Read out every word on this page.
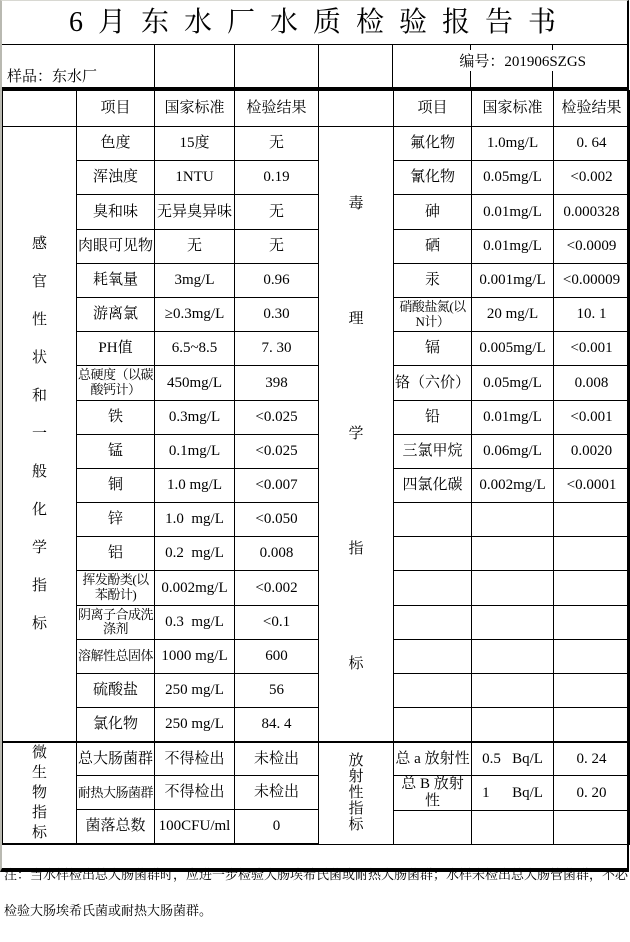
6 月 东 水 厂 水 质 检 验 报 告 书
样品：东水厂
编号：201906SZGS
	项目	国家标准	检验结果

感
官
性
状
和
一
般
化
学
指
标
	色度	15度	无
	浑浊度	1NTU	0.19
	臭和味	无异臭异味	无
	肉眼可见物	无	无
	耗氧量	3mg/L	0.96
	游离氯	≥0.3mg/L	0.30
	PH值	6.5~8.5	7. 30
	总硬度（以碳酸钙计）	450mg/L	398
	铁	0.3mg/L	<0.025
	锰	0.1mg/L	<0.025
	铜	1.0 mg/L	<0.007
	锌	1.0  mg/L	<0.050
	铝	0.2  mg/L	0.008
	挥发酚类(以苯酚计)	0.002mg/L	<0.002
	阴离子合成洗涤剂	0.3  mg/L	<0.1
	溶解性总固体	1000 mg/L	600
	硫酸盐	250 mg/L	56
	氯化物	250 mg/L	84. 4

微
生
物
指
标	总大肠菌群	不得检出	未检出
	耐热大肠菌群	不得检出	未检出
	菌落总数	100CFU/ml	0
	项目	国家标准	检验结果

毒
理
学
指
标	氟化物	1.0mg/L	0. 64
	氰化物	0.05mg/L	<0.002
	砷	0.01mg/L	0.000328
	硒	0.01mg/L	<0.0009
	汞	0.001mg/L	<0.00009
	硝酸盐氮(以N计）	20 mg/L	10. 1
	镉	0.005mg/L	<0.001
	铬（六价）	0.05mg/L	0.008
	铅	0.01mg/L	<0.001
	三氯甲烷	0.06mg/L	0.0020
	四氯化碳	0.002mg/L	<0.0001

放
射
性
指
标	总 a 放射性	0.5   Bq/L	0. 24
	总 B 放射性	1      Bq/L	0. 20

注：当水样检出总大肠菌群时，应进一步检验大肠埃希氏菌或耐热大肠菌群；水样未检出总大肠管菌群，不必

检验大肠埃希氏菌或耐热大肠菌群。
